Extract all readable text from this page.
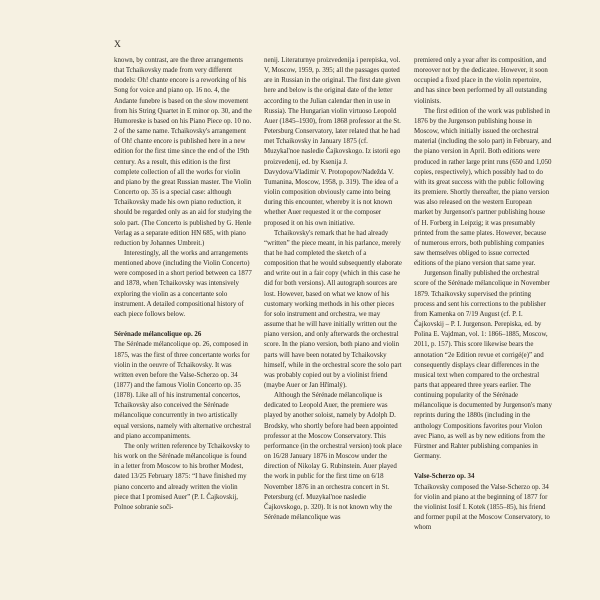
X

known, by contrast, are the three arrangements that Tchaikovsky made from very different models: Oh! chante encore is a reworking of his Song for voice and piano op. 16 no. 4, the Andante funebre is based on the slow movement from his String Quartet in E minor op. 30, and the Humoreske is based on his Piano Piece op. 10 no. 2 of the same name. Tchaikovsky's arrangement of Oh! chante encore is published here in a new edition for the first time since the end of the 19th century. As a result, this edition is the first complete collection of all the works for violin and piano by the great Russian master. The Violin Concerto op. 35 is a special case: although Tchaikovsky made his own piano reduction, it should be regarded only as an aid for studying the solo part. (The Concerto is published by G. Henle Verlag as a separate edition HN 685, with piano reduction by Johannes Umbreit.)

Interestingly, all the works and arrangements mentioned above (including the Violin Concerto) were composed in a short period between ca 1877 and 1878, when Tchaikovsky was intensively exploring the violin as a concertante solo instrument. A detailed compositional history of each piece follows below.

Sérénade mélancolique op. 26

The Sérénade mélancolique op. 26, composed in 1875, was the first of three concertante works for violin in the oeuvre of Tchaikovsky. It was written even before the Valse-Scherzo op. 34 (1877) and the famous Violin Concerto op. 35 (1878). Like all of his instrumental concertos, Tchaikovsky also conceived the Sérénade mélancolique concurrently in two artistically equal versions, namely with alternative orchestral and piano accompaniments.

The only written reference by Tchaikovsky to his work on the Sérénade mélancolique is found in a letter from Moscow to his brother Modest, dated 13/25 February 1875: “I have finished my piano concerto and already written the violin piece that I promised Auer” (P. I. Čajkovskij, Polnoe sobranie soči-

nenij. Literaturnye proizvedenija i perepiska, vol. V, Moscow, 1959, p. 395; all the passages quoted are in Russian in the original. The first date given here and below is the original date of the letter according to the Julian calendar then in use in Russia). The Hungarian violin virtuoso Leopold Auer (1845–1930), from 1868 professor at the St. Petersburg Conservatory, later related that he had met Tchaikovsky in January 1875 (cf. Muzykal'noe nasledie Čajkovskogo. Iz istorii ego proizvedenij, ed. by Ksenija J. Davydova/Vladimir V. Protopopov/Nadežda V. Tumanina, Moscow, 1958, p. 319). The idea of a violin composition obviously came into being during this encounter, whereby it is not known whether Auer requested it or the composer proposed it on his own initiative.

Tchaikovsky's remark that he had already “written” the piece meant, in his parlance, merely that he had completed the sketch of a composition that he would subsequently elaborate and write out in a fair copy (which in this case he did for both versions). All autograph sources are lost. However, based on what we know of his customary working methods in his other pieces for solo instrument and orchestra, we may assume that he will have initially written out the piano version, and only afterwards the orchestral score. In the piano version, both piano and violin parts will have been notated by Tchaikovsky himself, while in the orchestral score the solo part was probably copied out by a violinist friend (maybe Auer or Jan Hřímalý).

Although the Sérénade mélancolique is dedicated to Leopold Auer, the premiere was played by another soloist, namely by Adolph D. Brodsky, who shortly before had been appointed professor at the Moscow Conservatory. This performance (in the orchestral version) took place on 16/28 January 1876 in Moscow under the direction of Nikolay G. Rubinstein. Auer played the work in public for the first time on 6/18 November 1876 in an orchestra concert in St. Petersburg (cf. Muzykal'noe nasledie Čajkovskogo, p. 320). It is not known why the Sérénade mélancolique was

premiered only a year after its composition, and moreover not by the dedicatee. However, it soon occupied a fixed place in the violin repertoire, and has since been performed by all outstanding violinists.

The first edition of the work was published in 1876 by the Jurgenson publishing house in Moscow, which initially issued the orchestral material (including the solo part) in February, and the piano version in April. Both editions were produced in rather large print runs (650 and 1,050 copies, respectively), which possibly had to do with its great success with the public following its premiere. Shortly thereafter, the piano version was also released on the western European market by Jurgenson's partner publishing house of H. Forberg in Leipzig; it was presumably printed from the same plates. However, because of numerous errors, both publishing companies saw themselves obliged to issue corrected editions of the piano version that same year.

Jurgenson finally published the orchestral score of the Sérénade mélancolique in November 1879. Tchaikovsky supervised the printing process and sent his corrections to the publisher from Kamenka on 7/19 August (cf. P. I. Čajkovskij – P. I. Jurgenson. Perepiska, ed. by Polina E. Vajdman, vol. 1: 1866–1885, Moscow, 2011, p. 157). This score likewise bears the annotation “2e Edition revue et corrigé(e)” and consequently displays clear differences in the musical text when compared to the orchestral parts that appeared three years earlier. The continuing popularity of the Sérénade mélancolique is documented by Jurgenson's many reprints during the 1880s (including in the anthology Compositions favorites pour Violon avec Piano, as well as by new editions from the Fürstner and Rahter publishing companies in Germany.

Valse-Scherzo op. 34

Tchaikovsky composed the Valse-Scherzo op. 34 for violin and piano at the beginning of 1877 for the violinist Iosif I. Kotek (1855–85), his friend and former pupil at the Moscow Conservatory, to whom
